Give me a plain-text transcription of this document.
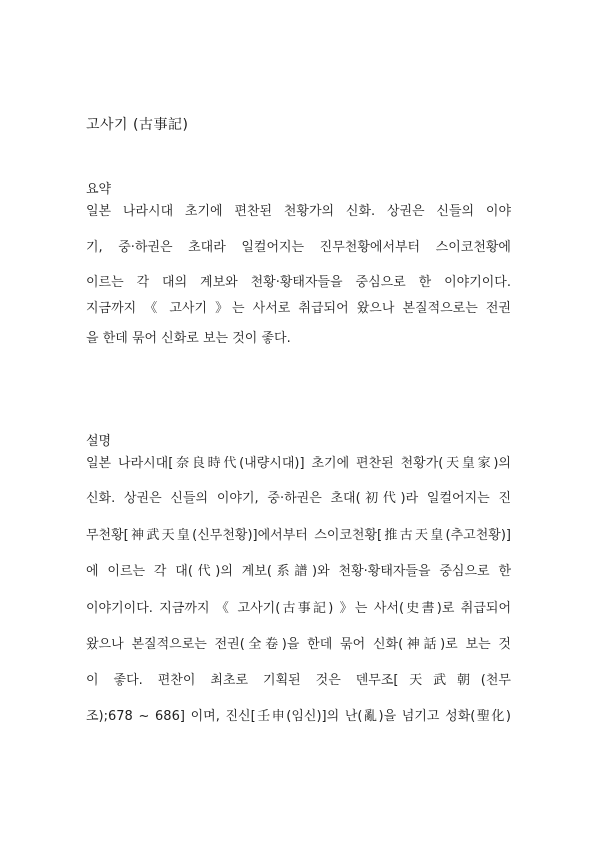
고사기 (古事記)
요약
일본 나라시대 초기에 편찬된 천황가의 신화. 상권은 신들의 이야
기, 중·하권은 초대라 일컬어지는 진무천황에서부터 스이코천황에
이르는 각 대의 계보와 천황·황태자들을 중심으로 한 이야기이다.
지금까지 《 고사기 》는 사서로 취급되어 왔으나 본질적으로는 전권
을 한데 묶어 신화로 보는 것이 좋다.
설명
일본 나라시대[奈良時代(내량시대)] 초기에 편찬된 천황가(天皇家)의
신화. 상권은 신들의 이야기, 중·하권은 초대(初代)라 일컬어지는 진
무천황[神武天皇(신무천황)]에서부터 스이코천황[推古天皇(추고천황)]
에 이르는 각 대(代)의 계보(系譜)와 천황·황태자들을 중심으로 한
이야기이다. 지금까지 《 고사기(古事記) 》는 사서(史書)로 취급되어
왔으나 본질적으로는 전권(全卷)을 한데 묶어 신화(神話)로 보는 것
이 좋다. 편찬이 최초로 기획된 것은 덴무조[天武朝(천무
조);678 ~ 686] 이며, 진신[壬申(임신)]의 난(亂)을 넘기고 성화(聖化)
